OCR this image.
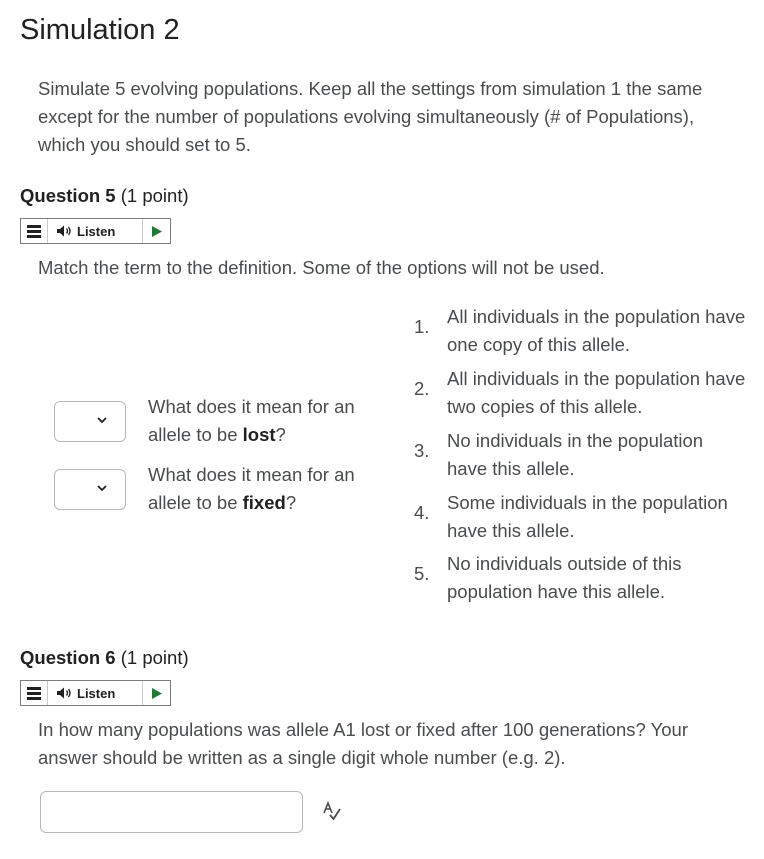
Simulation 2

Simulate 5 evolving populations. Keep all the settings from simulation 1 the same except for the number of populations evolving simultaneously (# of Populations), which you should set to 5.

Question 5 (1 point)
Listen

Match the term to the definition. Some of the options will not be used.

What does it mean for an allele to be lost?
What does it mean for an allele to be fixed?
1. All individuals in the population have one copy of this allele.
2. All individuals in the population have two copies of this allele.
3. No individuals in the population have this allele.
4. Some individuals in the population have this allele.
5. No individuals outside of this population have this allele.
Question 6 (1 point)
Listen

In how many populations was allele A1 lost or fixed after 100 generations? Your answer should be written as a single digit whole number (e.g. 2).
